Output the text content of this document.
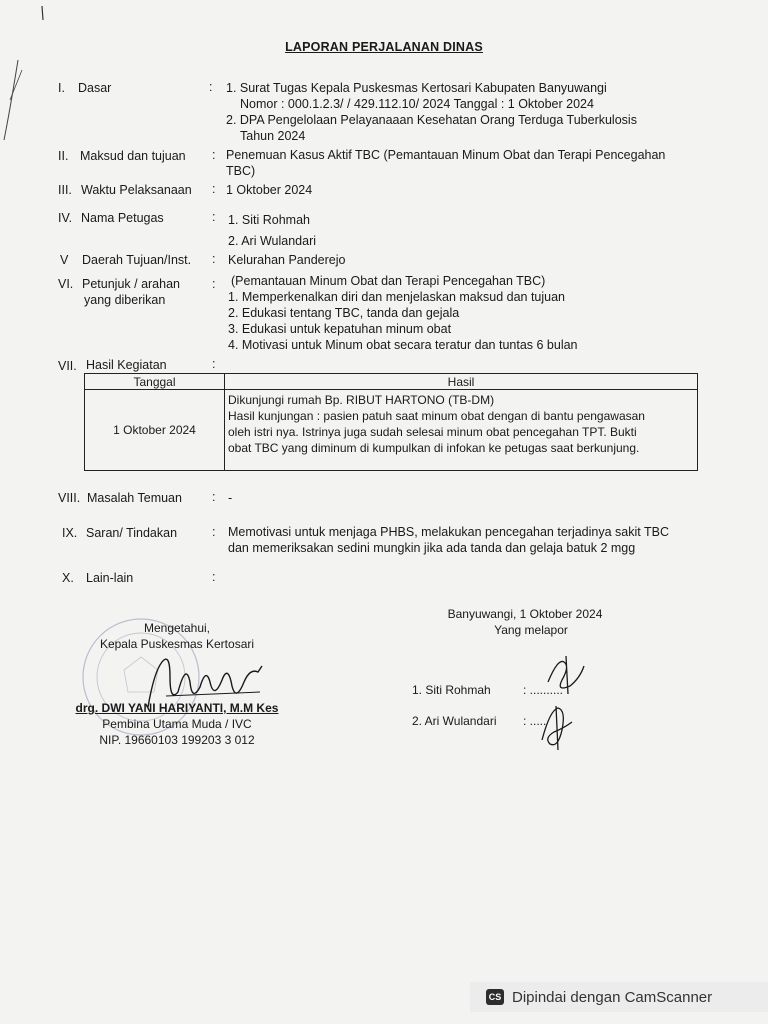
LAPORAN PERJALANAN DINAS
I. Dasar	: 1. Surat Tugas Kepala Puskesmas Kertosari Kabupaten Banyuwangi
Nomor : 000.1.2.3/ / 429.112.10/ 2024 Tanggal : 1 Oktober 2024
2. DPA Pengelolaan Pelayanaaan Kesehatan Orang Terduga Tuberkulosis
Tahun 2024
II. Maksud dan tujuan : Penemuan Kasus Aktif TBC (Pemantauan Minum Obat dan Terapi Pencegahan
TBC)
III. Waktu Pelaksanaan : 1 Oktober 2024
IV. Nama Petugas	: 1. Siti Rohmah
2. Ari Wulandari
V Daerah Tujuan/Inst. : Kelurahan Panderejo
VI. Petunjuk / arahan
yang diberikan
: (Pemantauan Minum Obat dan Terapi Pencegahan TBC)
1. Memperkenalkan diri dan menjelaskan maksud dan tujuan
2. Edukasi tentang TBC, tanda dan gejala
3. Edukasi untuk kepatuhan minum obat
4. Motivasi untuk Minum obat secara teratur dan tuntas 6 bulan
VII. Hasil Kegiatan	:
Tanggal	Hasil
1 Oktober 2024	Dikunjungi rumah Bp. RIBUT HARTONO (TB-DM)
Hasil kunjungan : pasien patuh saat minum obat dengan di bantu pengawasan
oleh istri nya. Istrinya juga sudah selesai minum obat pencegahan TPT. Bukti
obat TBC yang diminum di kumpulkan di infokan ke petugas saat berkunjung.
VIII. Masalah Temuan : -
IX. Saran/ Tindakan	: Memotivasi untuk menjaga PHBS, melakukan pencegahan terjadinya sakit TBC
dan memeriksakan sedini mungkin jika ada tanda dan gelaja batuk 2 mgg
X. Lain-lain	:
Mengetahui,
Kepala Puskesmas Kertosari
drg. DWI YANI HARIYANTI, M.M Kes
Pembina Utama Muda / IVC
NIP. 19660103 199203 3 012
Banyuwangi, 1 Oktober 2024
Yang melapor
1. Siti Rohmah	: ..........
2. Ari Wulandari : .....
CS Dipindai dengan CamScanner
